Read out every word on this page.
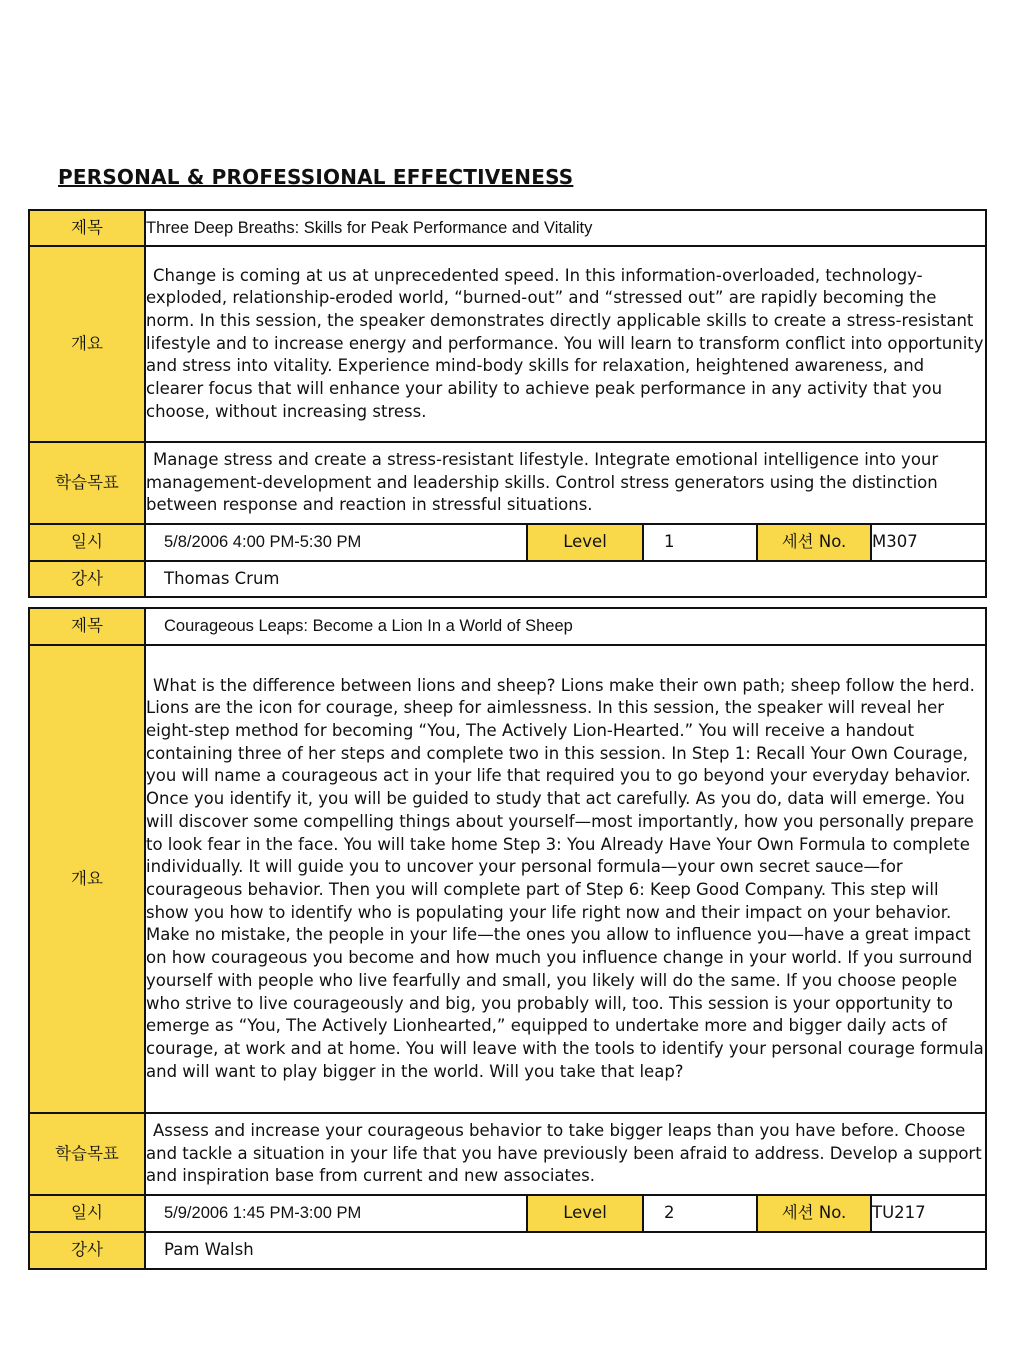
PERSONAL & PROFESSIONAL EFFECTIVENESS
제목	Three Deep Breaths: Skills for Peak Performance and Vitality				
개요	Change is coming at us at unprecedented speed. In this information-overloaded, technology-exploded, relationship-eroded world, “burned-out” and “stressed out” are rapidly becoming the norm. In this session, the speaker demonstrates directly applicable skills to create a stress-resistant lifestyle and to increase energy and performance. You will learn to transform conflict into opportunity and stress into vitality. Experience mind-body skills for relaxation, heightened awareness, and clearer focus that will enhance your ability to achieve peak performance in any activity that you choose, without increasing stress.				
학습목표	Manage stress and create a stress-resistant lifestyle. Integrate emotional intelligence into your management-development and leadership skills. Control stress generators using the distinction between response and reaction in stressful situations.				
일시	5/8/2006 4:00 PM-5:30 PM	Level	1	세션 No.	M307
강사	Thomas Crum				
제목	Courageous Leaps: Become a Lion In a World of Sheep				
개요	What is the difference between lions and sheep? Lions make their own path; sheep follow the herd. Lions are the icon for courage, sheep for aimlessness. In this session, the speaker will reveal her eight-step method for becoming “You, The Actively Lion-Hearted.” You will receive a handout containing three of her steps and complete two in this session. In Step 1: Recall Your Own Courage, you will name a courageous act in your life that required you to go beyond your everyday behavior. Once you identify it, you will be guided to study that act carefully. As you do, data will emerge. You will discover some compelling things about yourself—most importantly, how you personally prepare to look fear in the face. You will take home Step 3: You Already Have Your Own Formula to complete individually. It will guide you to uncover your personal formula—your own secret sauce—for courageous behavior. Then you will complete part of Step 6: Keep Good Company. This step will show you how to identify who is populating your life right now and their impact on your behavior. Make no mistake, the people in your life—the ones you allow to influence you—have a great impact on how courageous you become and how much you influence change in your world. If you surround yourself with people who live fearfully and small, you likely will do the same. If you choose people who strive to live courageously and big, you probably will, too. This session is your opportunity to emerge as “You, The Actively Lionhearted,” equipped to undertake more and bigger daily acts of courage, at work and at home. You will leave with the tools to identify your personal courage formula and will want to play bigger in the world. Will you take that leap?				
학습목표	Assess and increase your courageous behavior to take bigger leaps than you have before. Choose and tackle a situation in your life that you have previously been afraid to address. Develop a support and inspiration base from current and new associates.				
일시	5/9/2006 1:45 PM-3:00 PM	Level	2	세션 No.	TU217
강사	Pam Walsh				
